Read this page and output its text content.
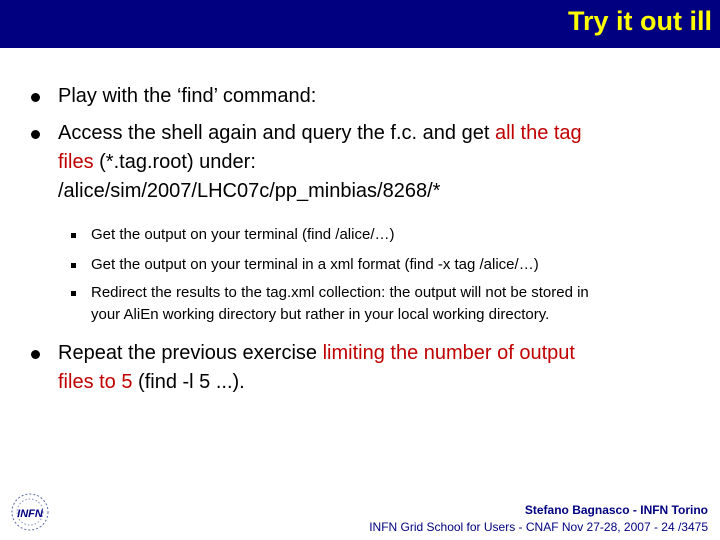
Try it out ill
Play with the ‘find’ command:
Access the shell again and query the f.c. and get all the tag
files (*.tag.root) under:
/alice/sim/2007/LHC07c/pp_minbias/8268/*
Get the output on your terminal (find /alice/…)
Get the output on your terminal in a xml format (find -x tag /alice/…)
Redirect the results to the tag.xml collection: the output will not be stored in
your AliEn working directory but rather in your local working directory.
Repeat the previous exercise limiting the number of output
files to 5 (find -l 5 ...).
INFN	Stefano Bagnasco - INFN Torino
INFN Grid School for Users - CNAF Nov 27-28, 2007 - 24 /3475
